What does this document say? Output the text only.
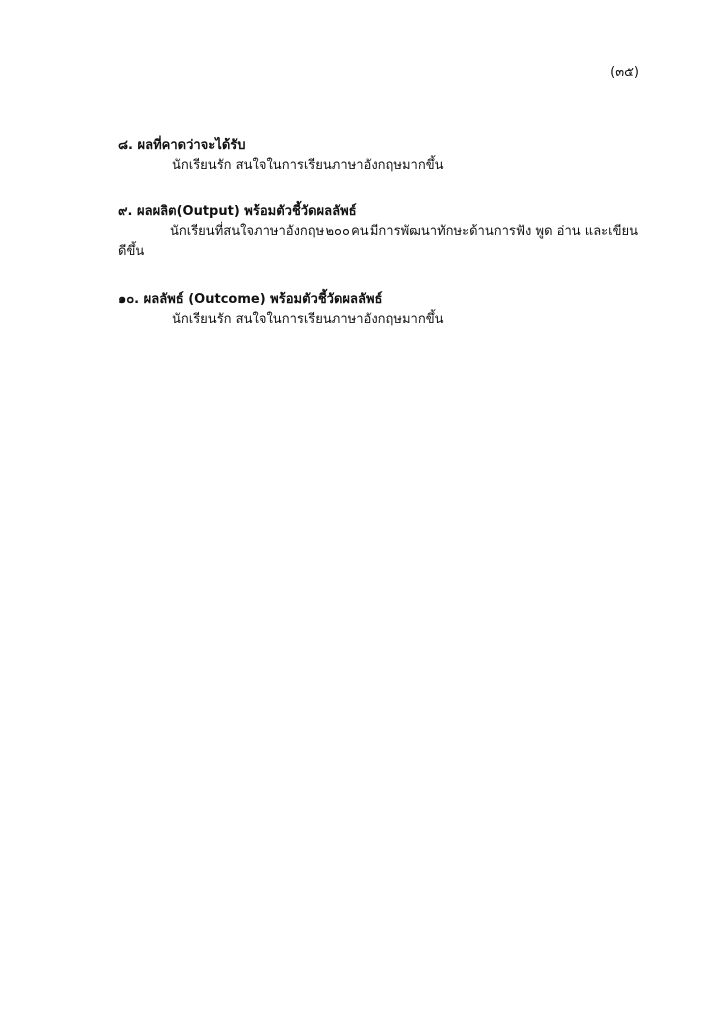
(๓๕)
๘. ผลที่คาดว่าจะได้รับ
นักเรียนรัก สนใจในการเรียนภาษาอังกฤษมากขึ้น
๙. ผลผลิต(Output) พร้อมตัวชี้วัดผลลัพธ์
นักเรียนที่สนใจภาษาอังกฤษ ๒๐๐ คน มีการพัฒนาทักษะด้านการฟัง พูด อ่าน และเขียน
ดีขึ้น
๑๐. ผลลัพธ์ (Outcome) พร้อมตัวชี้วัดผลลัพธ์
นักเรียนรัก สนใจในการเรียนภาษาอังกฤษมากขึ้น
